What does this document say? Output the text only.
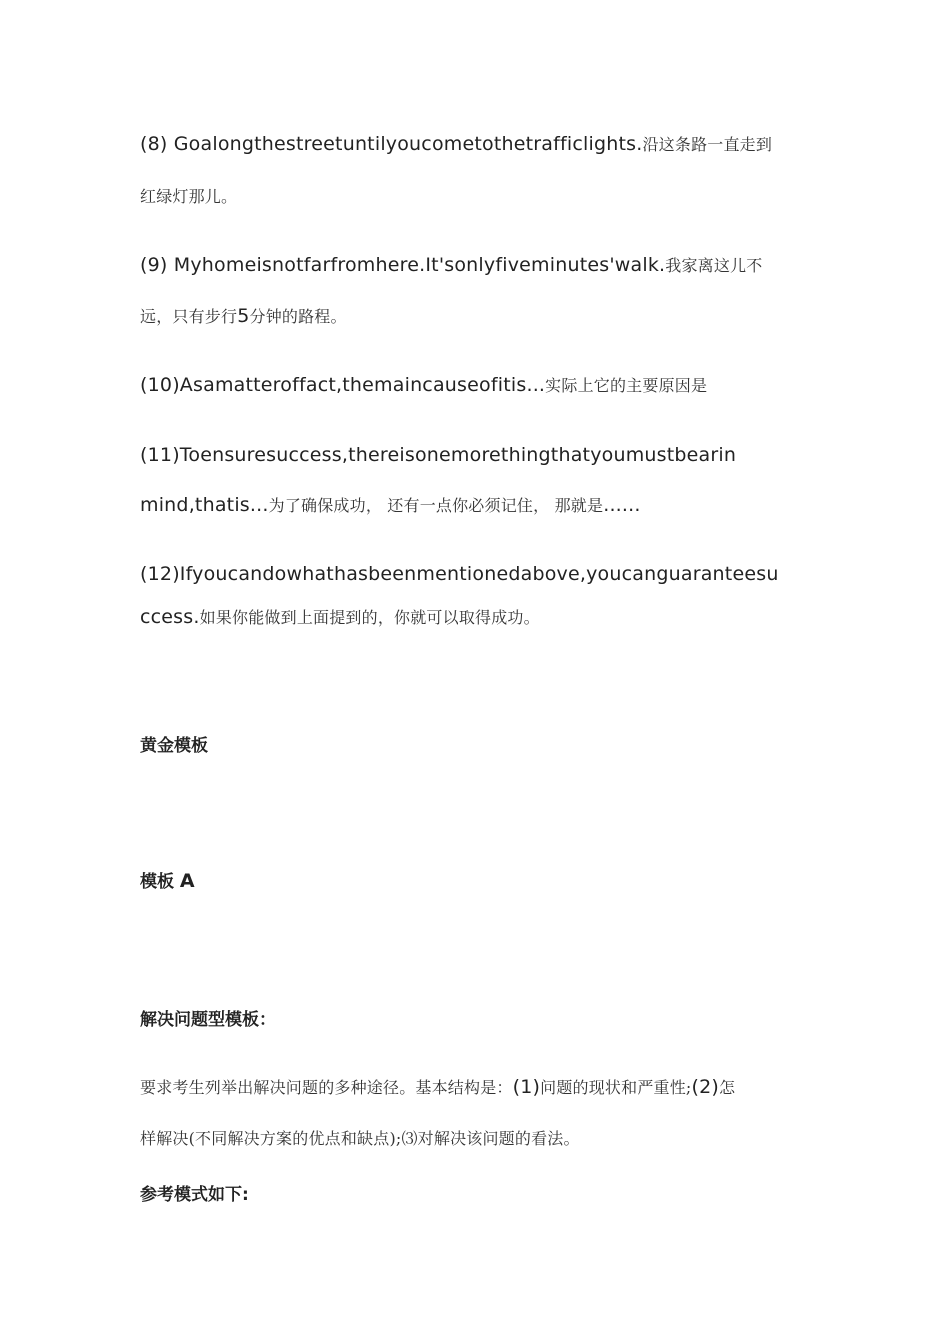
(8) Goalongthestreetuntilyoucometothetrafficlights.沿这条路一直走到
红绿灯那儿。
(9) Myhomeisnotfarfromhere.It'sonlyfiveminutes'walk.我家离这儿不
远，只有步行5分钟的路程。
(10)Asamatteroffact,themaincauseofitis...实际上它的主要原因是
(11)Toensuresuccess,thereisonemorethingthatyoumustbearin
mind,thatis...为了确保成功， 还有一点你必须记住， 那就是......
(12)Ifyoucandowhathasbeenmentionedabove,youcanguaranteesu
ccess.如果你能做到上面提到的，你就可以取得成功。
黄金模板
模板 A
解决问题型模板：
要求考生列举出解决问题的多种途径。基本结构是：(1)问题的现状和严重性;(2)怎
样解决(不同解决方案的优点和缺点);⑶对解决该问题的看法。
参考模式如下:
